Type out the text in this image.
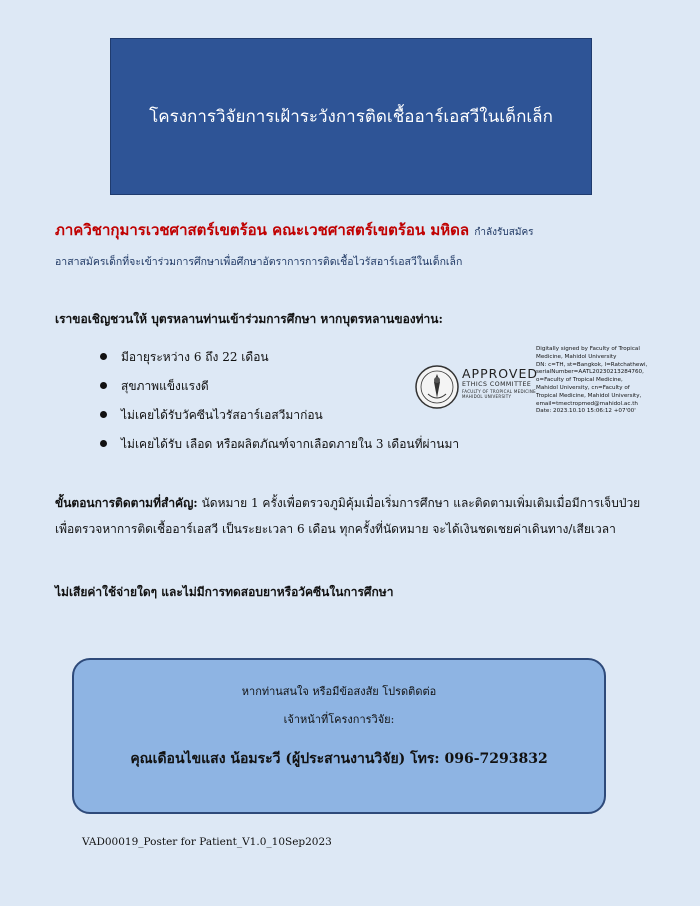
โครงการวิจัยการเฝ้าระวังการติดเชื้ออาร์เอสวีในเด็กเล็ก
ภาควิชากุมารเวชศาสตร์เขตร้อน คณะเวชศาสตร์เขตร้อน มหิดล กำลังรับสมัคร
อาสาสมัครเด็กที่จะเข้าร่วมการศึกษาเพื่อศึกษาอัตราการการติดเชื้อไวรัสอาร์เอสวีในเด็กเล็ก
เราขอเชิญชวนให้ บุตรหลานท่านเข้าร่วมการศึกษา หากบุตรหลานของท่าน:
มีอายุระหว่าง 6 ถึง 22 เดือน
สุขภาพแข็งแรงดี
ไม่เคยได้รับวัคซีนไวรัสอาร์เอสวีมาก่อน
ไม่เคยได้รับ เลือด หรือผลิตภัณฑ์จากเลือดภายใน 3 เดือนที่ผ่านมา
APPROVED
ETHICS COMMITTEE
FACULTY OF TROPICAL MEDICINE
MAHIDOL UNIVERSITY
Digitally signed by Faculty of Tropical
Medicine, Mahidol University
DN: c=TH, st=Bangkok, l=Ratchathewi,
serialNumber=AATL20230213284760,
o=Faculty of Tropical Medicine,
Mahidol University, cn=Faculty of
Tropical Medicine, Mahidol University,
email=tmectropmed@mahidol.ac.th
Date: 2023.10.10 15:06:12 +07'00'
ขั้นตอนการติดตามที่สำคัญ: นัดหมาย 1 ครั้งเพื่อตรวจภูมิคุ้มเมื่อเริ่มการศึกษา และติดตามเพิ่มเติมเมื่อมีการเจ็บป่วยเพื่อตรวจหาการติดเชื้ออาร์เอสวี เป็นระยะเวลา 6 เดือน ทุกครั้งที่นัดหมาย จะได้เงินชดเชยค่าเดินทาง/เสียเวลา
ไม่เสียค่าใช้จ่ายใดๆ และไม่มีการทดสอบยาหรือวัคซีนในการศึกษา
หากท่านสนใจ หรือมีข้อสงสัย โปรดติดต่อ
เจ้าหน้าที่โครงการวิจัย:
คุณเดือนไขแสง น้อมระวี (ผู้ประสานงานวิจัย) โทร: 096-7293832
VAD00019_Poster for Patient_V1.0_10Sep2023
